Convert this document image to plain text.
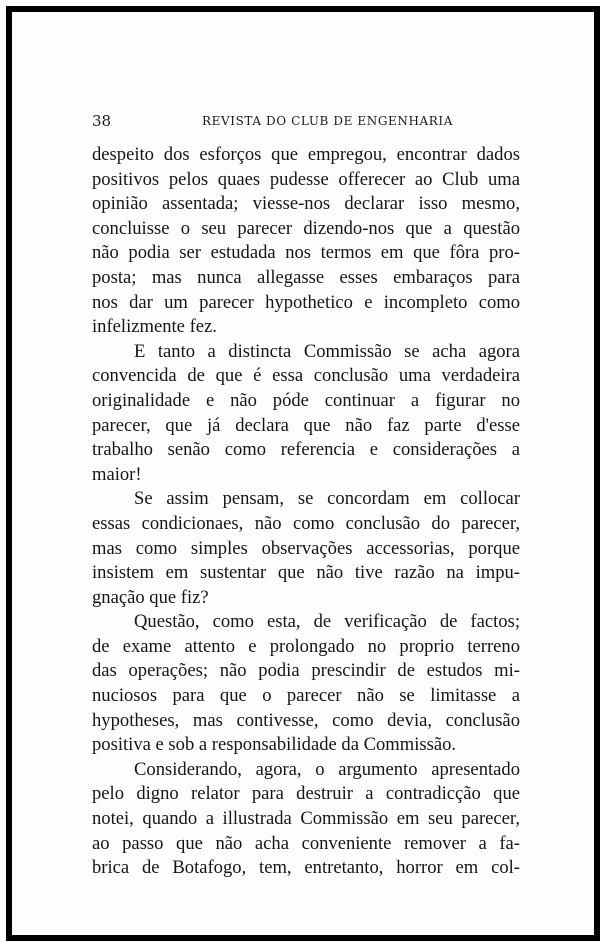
38	REVISTA DO CLUB DE ENGENHARIA
despeito dos esforços que empregou, encontrar dados
positivos pelos quaes pudesse offerecer ao Club uma
opinião assentada; viesse-nos declarar isso mesmo,
concluisse o seu parecer dizendo-nos que a questão
não podia ser estudada nos termos em que fôra pro-
posta; mas nunca allegasse esses embaraços para
nos dar um parecer hypothetico e incompleto como
infelizmente fez.
E tanto a distincta Commissão se acha agora
convencida de que é essa conclusão uma verdadeira
originalidade e não póde continuar a figurar no
parecer, que já declara que não faz parte d'esse
trabalho senão como referencia e considerações a
maior!
Se assim pensam, se concordam em collocar
essas condicionaes, não como conclusão do parecer,
mas como simples observações accessorias, porque
insistem em sustentar que não tive razão na impu-
gnação que fiz?
Questão, como esta, de verificação de factos;
de exame attento e prolongado no proprio terreno
das operações; não podia prescindir de estudos mi-
nuciosos para que o parecer não se limitasse a
hypotheses, mas contivesse, como devia, conclusão
positiva e sob a responsabilidade da Commissão.
Considerando, agora, o argumento apresentado
pelo digno relator para destruir a contradicção que
notei, quando a illustrada Commissão em seu parecer,
ao passo que não acha conveniente remover a fa-
brica de Botafogo, tem, entretanto, horror em col-
